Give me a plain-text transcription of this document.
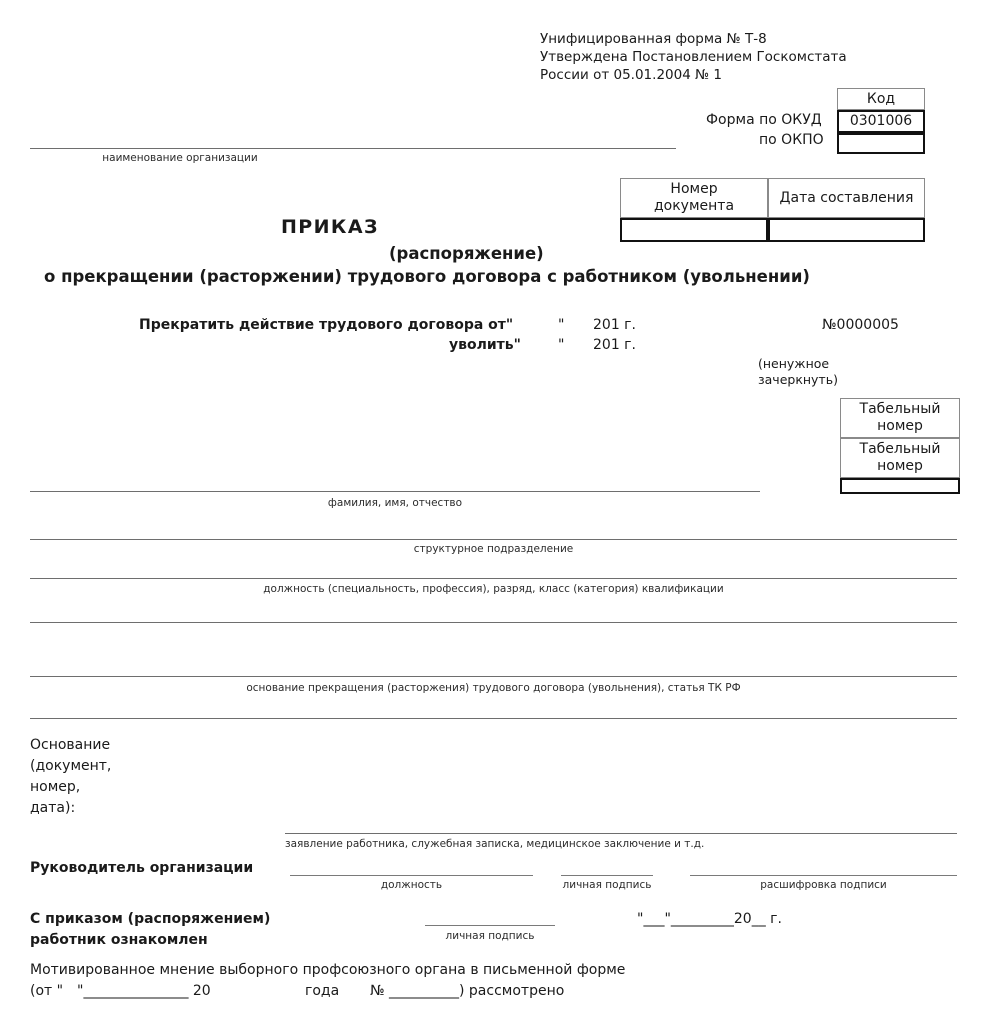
Унифицированная форма № Т-8
Утверждена Постановлением Госкомстата
России от 05.01.2004 № 1
Форма по ОКУД
по ОКПО
Код
0301006
наименование организации
Номер
документа
Дата составления
ПРИКАЗ
(распоряжение)
о прекращении (расторжении) трудового договора с работником (увольнении)
Прекратить действие трудового договора от"	" 201 г.
уволить"	" 201 г.
№0000005
(ненужное
зачеркнуть)
Табельный
номер
Табельный
номер
фамилия, имя, отчество
структурное подразделение
должность (специальность, профессия), разряд, класс (категория) квалификации
основание прекращения (расторжения) трудового договора (увольнения), статья ТК РФ
Основание
(документ,
номер,
дата):
заявление работника, служебная записка, медицинское заключение и т.д.
Руководитель организации
должность	личная подпись	расшифровка подписи
С приказом (распоряжением)
работник ознакомлен	личная подпись
"___"_________20__ г.
Мотивированное мнение выборного профсоюзного органа в письменной форме
(от " "_______________ 20	года № __________) рассмотрено
